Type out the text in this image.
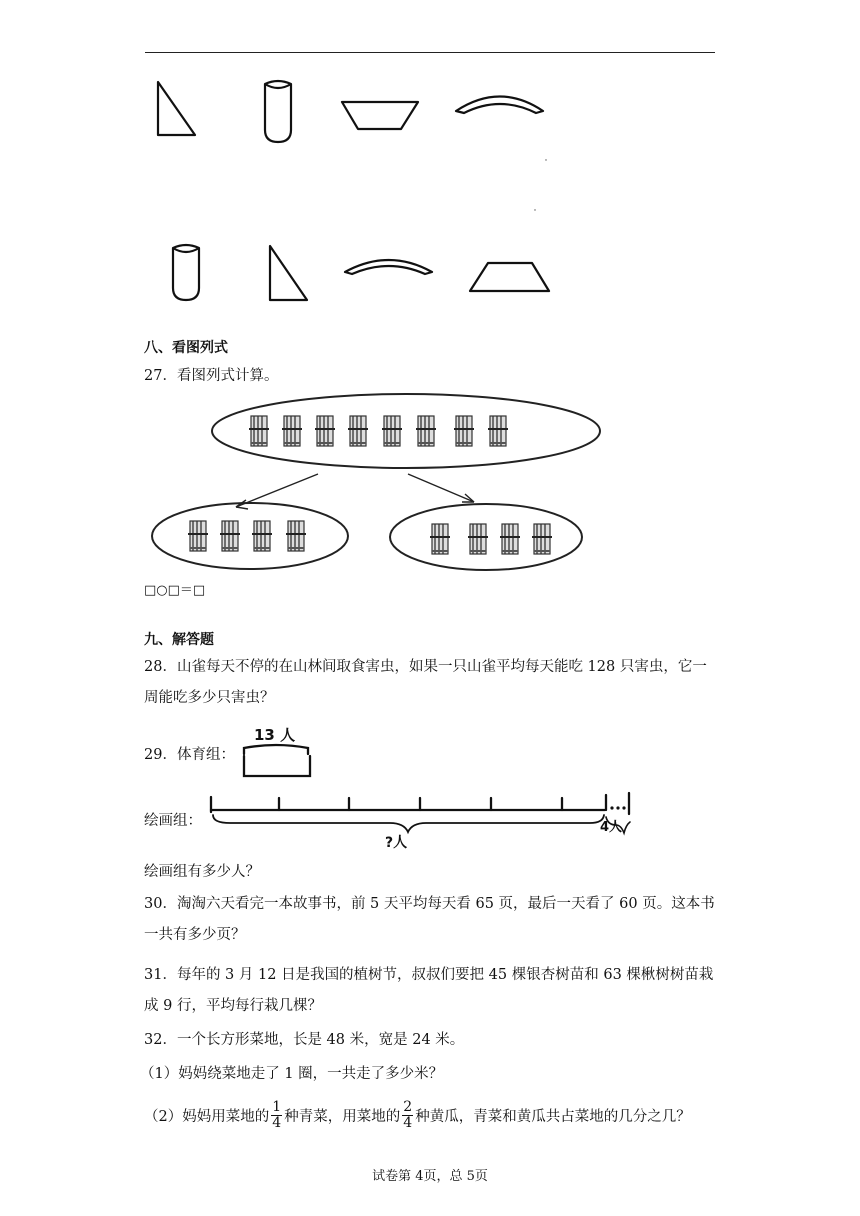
八、看图列式
27．看图列式计算。
□○□＝□
九、解答题
28．山雀每天不停的在山林间取食害虫，如果一只山雀平均每天能吃 128 只害虫，它一
周能吃多少只害虫？
29．体育组：
13 人
绘画组：
?人
4人
绘画组有多少人？
30．淘淘六天看完一本故事书，前 5 天平均每天看 65 页，最后一天看了 60 页。这本书
一共有多少页？
31．每年的 3 月 12 日是我国的植树节，叔叔们要把 45 棵银杏树苗和 63 棵楸树树苗栽
成 9 行，平均每行栽几棵？
32．一个长方形菜地，长是 48 米，宽是 24 米。
（1）妈妈绕菜地走了 1 圈，一共走了多少米？
（2）妈妈用菜地的 $\frac{1}{4}$ 种青菜，用菜地的 $\frac{2}{4}$ 种黄瓜，青菜和黄瓜共占菜地的几分之几？
试卷第 4页，总 5页
